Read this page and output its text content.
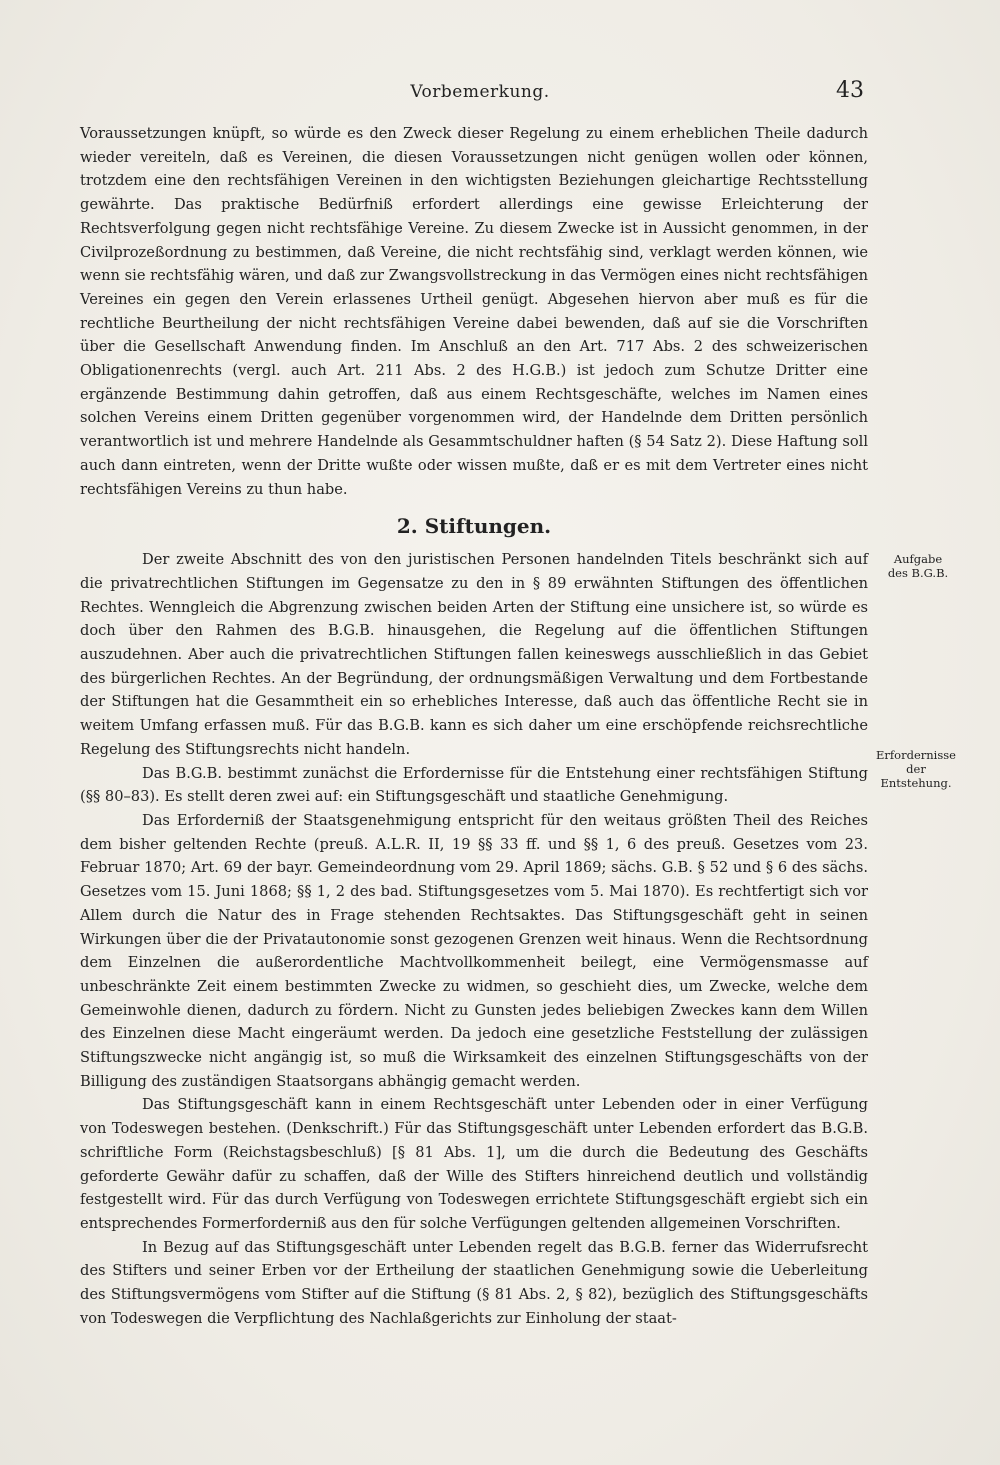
Vorbemerkung.	43

Voraussetzungen knüpft, so würde es den Zweck dieser Regelung zu einem erheblichen Theile dadurch wieder vereiteln, daß es Vereinen, die diesen Voraussetzungen nicht genügen wollen oder können, trotzdem eine den rechtsfähigen Vereinen in den wichtigsten Beziehungen gleichartige Rechtsstellung gewährte. Das praktische Bedürfniß erfordert allerdings eine gewisse Erleichterung der Rechtsverfolgung gegen nicht rechtsfähige Vereine. Zu diesem Zwecke ist in Aussicht genommen, in der Civilprozeßordnung zu bestimmen, daß Vereine, die nicht rechtsfähig sind, verklagt werden können, wie wenn sie rechtsfähig wären, und daß zur Zwangsvollstreckung in das Vermögen eines nicht rechtsfähigen Vereines ein gegen den Verein erlassenes Urtheil genügt. Abgesehen hiervon aber muß es für die rechtliche Beurtheilung der nicht rechtsfähigen Vereine dabei bewenden, daß auf sie die Vorschriften über die Gesellschaft Anwendung finden. Im Anschluß an den Art. 717 Abs. 2 des schweizerischen Obligationenrechts (vergl. auch Art. 211 Abs. 2 des H.G.B.) ist jedoch zum Schutze Dritter eine ergänzende Bestimmung dahin getroffen, daß aus einem Rechtsgeschäfte, welches im Namen eines solchen Vereins einem Dritten gegenüber vorgenommen wird, der Handelnde dem Dritten persönlich verantwortlich ist und mehrere Handelnde als Gesammtschuldner haften (§ 54 Satz 2). Diese Haftung soll auch dann eintreten, wenn der Dritte wußte oder wissen mußte, daß er es mit dem Vertreter eines nicht rechtsfähigen Vereins zu thun habe.

2. Stiftungen.

Der zweite Abschnitt des von den juristischen Personen handelnden Titels beschränkt sich auf die privatrechtlichen Stiftungen im Gegensatze zu den in § 89 erwähnten Stiftungen des öffentlichen Rechtes. Wenngleich die Abgrenzung zwischen beiden Arten der Stiftung eine unsichere ist, so würde es doch über den Rahmen des B.G.B. hinausgehen, die Regelung auf die öffentlichen Stiftungen auszudehnen. Aber auch die privatrechtlichen Stiftungen fallen keineswegs ausschließlich in das Gebiet des bürgerlichen Rechtes. An der Begründung, der ordnungsmäßigen Verwaltung und dem Fortbestande der Stiftungen hat die Gesammtheit ein so erhebliches Interesse, daß auch das öffentliche Recht sie in weitem Umfang erfassen muß. Für das B.G.B. kann es sich daher um eine erschöpfende reichsrechtliche Regelung des Stiftungsrechts nicht handeln.

Das B.G.B. bestimmt zunächst die Erfordernisse für die Entstehung einer rechtsfähigen Stiftung (§§ 80–83). Es stellt deren zwei auf: ein Stiftungsgeschäft und staatliche Genehmigung.

Das Erforderniß der Staatsgenehmigung entspricht für den weitaus größten Theil des Reiches dem bisher geltenden Rechte (preuß. A.L.R. II, 19 §§ 33 ff. und §§ 1, 6 des preuß. Gesetzes vom 23. Februar 1870; Art. 69 der bayr. Gemeindeordnung vom 29. April 1869; sächs. G.B. § 52 und § 6 des sächs. Gesetzes vom 15. Juni 1868; §§ 1, 2 des bad. Stiftungsgesetzes vom 5. Mai 1870). Es rechtfertigt sich vor Allem durch die Natur des in Frage stehenden Rechtsaktes. Das Stiftungsgeschäft geht in seinen Wirkungen über die der Privatautonomie sonst gezogenen Grenzen weit hinaus. Wenn die Rechtsordnung dem Einzelnen die außerordentliche Machtvollkommenheit beilegt, eine Vermögensmasse auf unbeschränkte Zeit einem bestimmten Zwecke zu widmen, so geschieht dies, um Zwecke, welche dem Gemeinwohle dienen, dadurch zu fördern. Nicht zu Gunsten jedes beliebigen Zweckes kann dem Willen des Einzelnen diese Macht eingeräumt werden. Da jedoch eine gesetzliche Feststellung der zulässigen Stiftungszwecke nicht angängig ist, so muß die Wirksamkeit des einzelnen Stiftungsgeschäfts von der Billigung des zuständigen Staatsorgans abhängig gemacht werden.

Das Stiftungsgeschäft kann in einem Rechtsgeschäft unter Lebenden oder in einer Verfügung von Todeswegen bestehen. (Denkschrift.) Für das Stiftungsgeschäft unter Lebenden erfordert das B.G.B. schriftliche Form (Reichstagsbeschluß) [§ 81 Abs. 1], um die durch die Bedeutung des Geschäfts geforderte Gewähr dafür zu schaffen, daß der Wille des Stifters hinreichend deutlich und vollständig festgestellt wird. Für das durch Verfügung von Todeswegen errichtete Stiftungsgeschäft ergiebt sich ein entsprechendes Formerforderniß aus den für solche Verfügungen geltenden allgemeinen Vorschriften.

In Bezug auf das Stiftungsgeschäft unter Lebenden regelt das B.G.B. ferner das Widerrufsrecht des Stifters und seiner Erben vor der Ertheilung der staatlichen Genehmigung sowie die Ueberleitung des Stiftungsvermögens vom Stifter auf die Stiftung (§ 81 Abs. 2, § 82), bezüglich des Stiftungsgeschäfts von Todeswegen die Verpflichtung des Nachlaßgerichts zur Einholung der staat-

Aufgabe
des B.G.B.
Erfordernisse
der
Entstehung.
